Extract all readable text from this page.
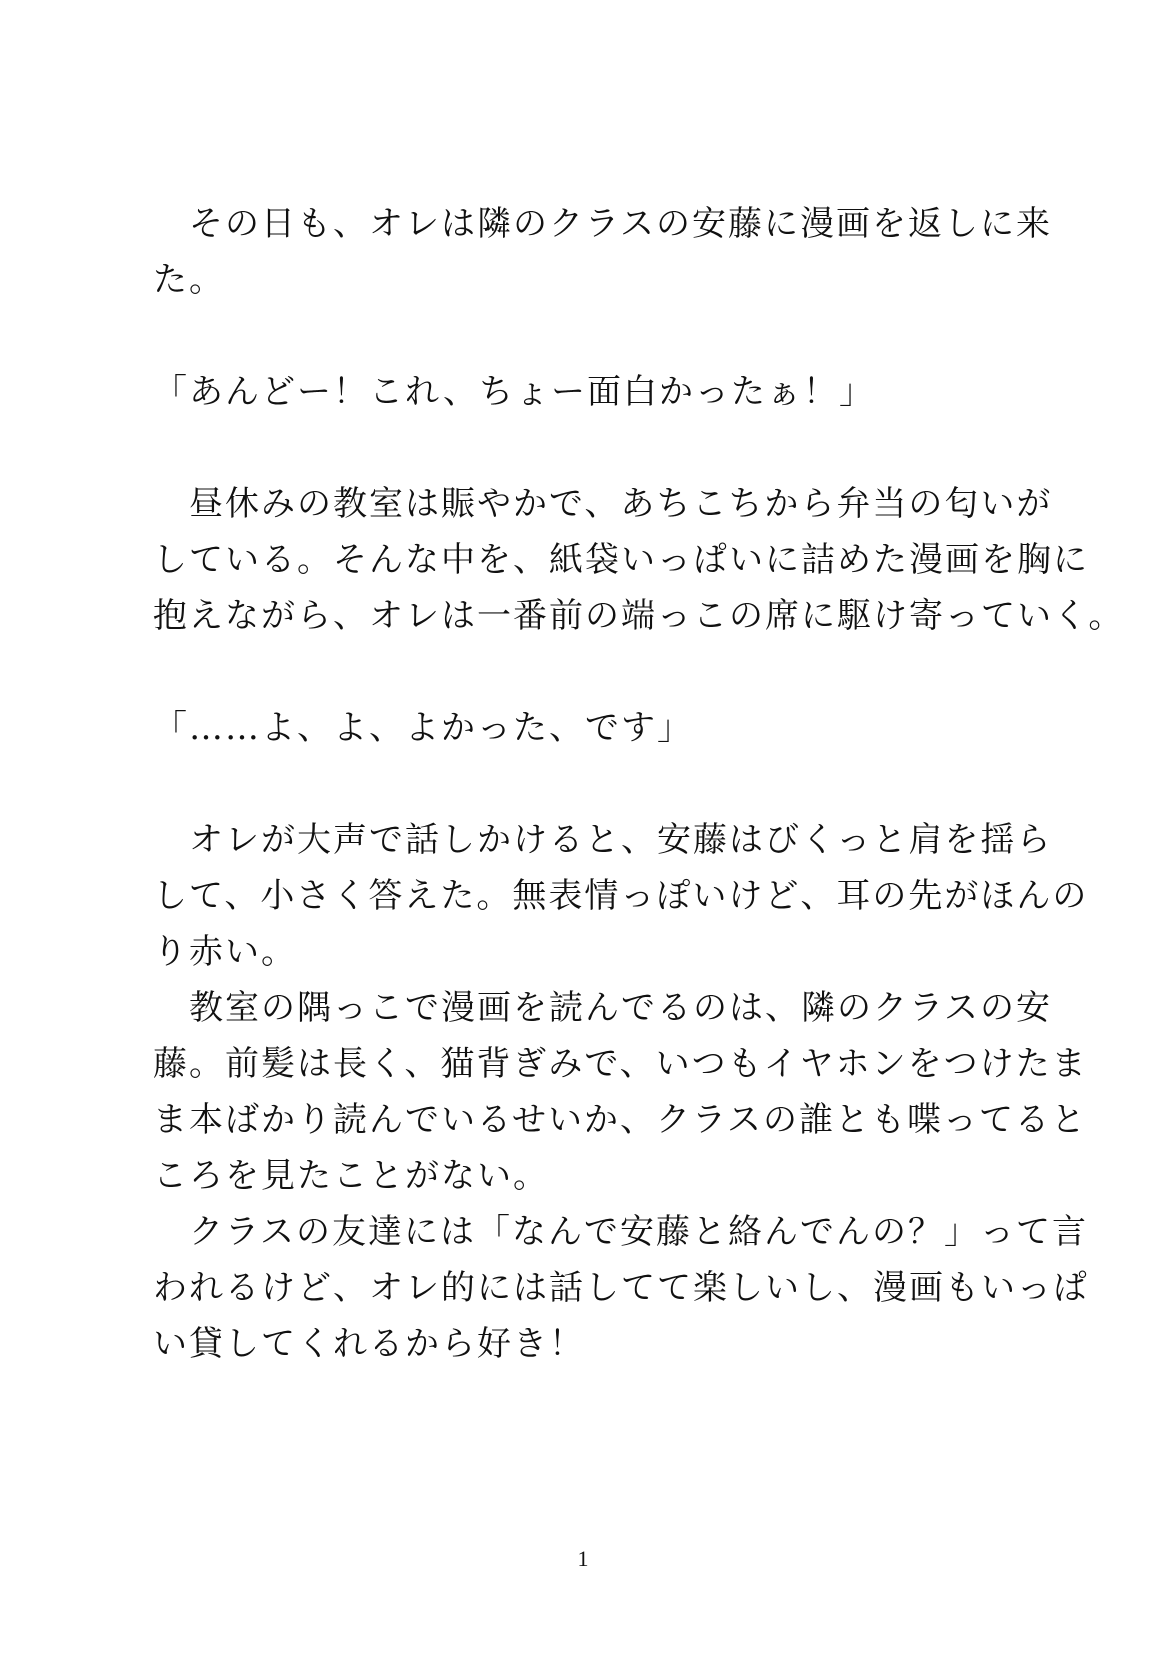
　その日も、オレは隣のクラスの安藤に漫画を返しに来
た。
「あんどー！これ、ちょー面白かったぁ！」
　昼休みの教室は賑やかで、あちこちから弁当の匂いが
している。そんな中を、紙袋いっぱいに詰めた漫画を胸に
抱えながら、オレは一番前の端っこの席に駆け寄っていく。
「……よ、よ、よかった、です」
　オレが大声で話しかけると、安藤はびくっと肩を揺ら
して、小さく答えた。無表情っぽいけど、耳の先がほんの
り赤い。
　教室の隅っこで漫画を読んでるのは、隣のクラスの安
藤。前髪は長く、猫背ぎみで、いつもイヤホンをつけたま
ま本ばかり読んでいるせいか、クラスの誰とも喋ってると
ころを見たことがない。
　クラスの友達には「なんで安藤と絡んでんの？」って言
われるけど、オレ的には話してて楽しいし、漫画もいっぱ
い貸してくれるから好き！
1
